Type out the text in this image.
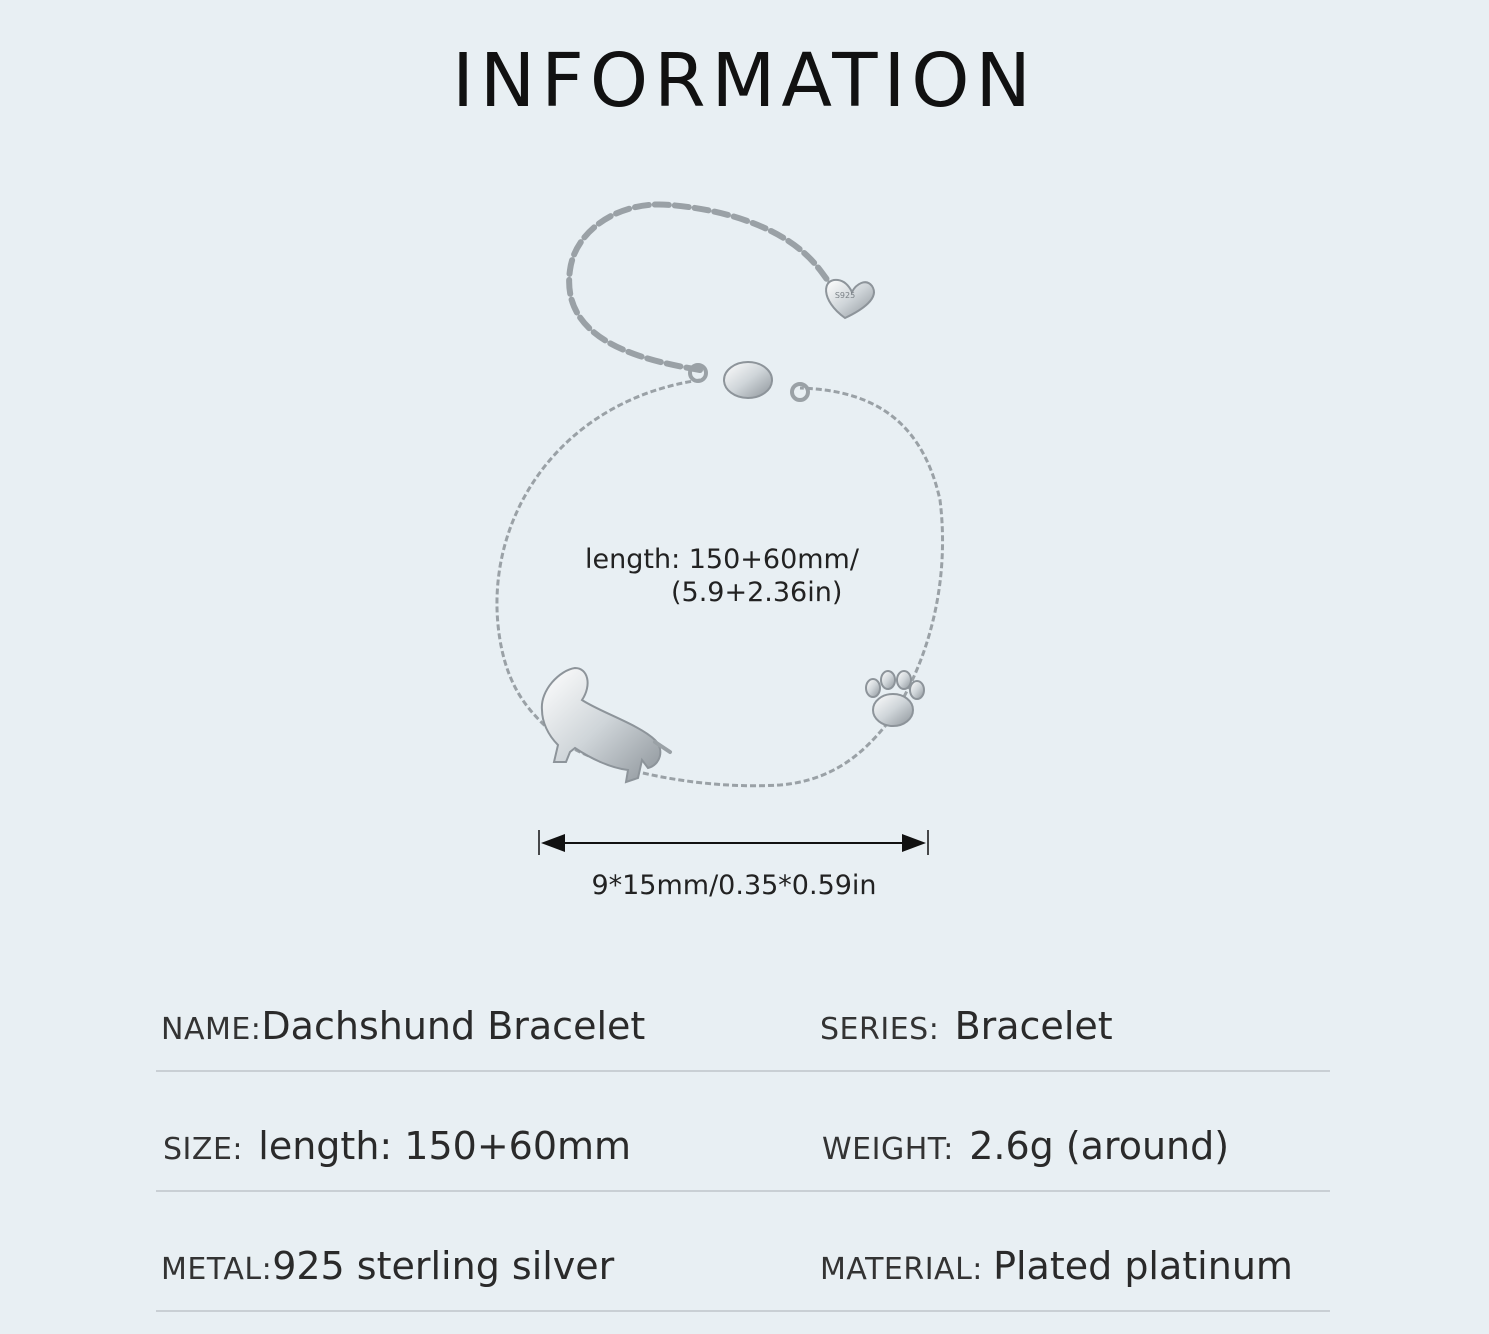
INFORMATION
S925
length: 150+60mm/
(5.9+2.36in)
9*15mm/0.35*0.59in
NAME:Dachshund Bracelet	SERIES: Bracelet
SIZE: length: 150+60mm	WEIGHT: 2.6g (around)
METAL:925 sterling silver	MATERIAL: Plated platinum
